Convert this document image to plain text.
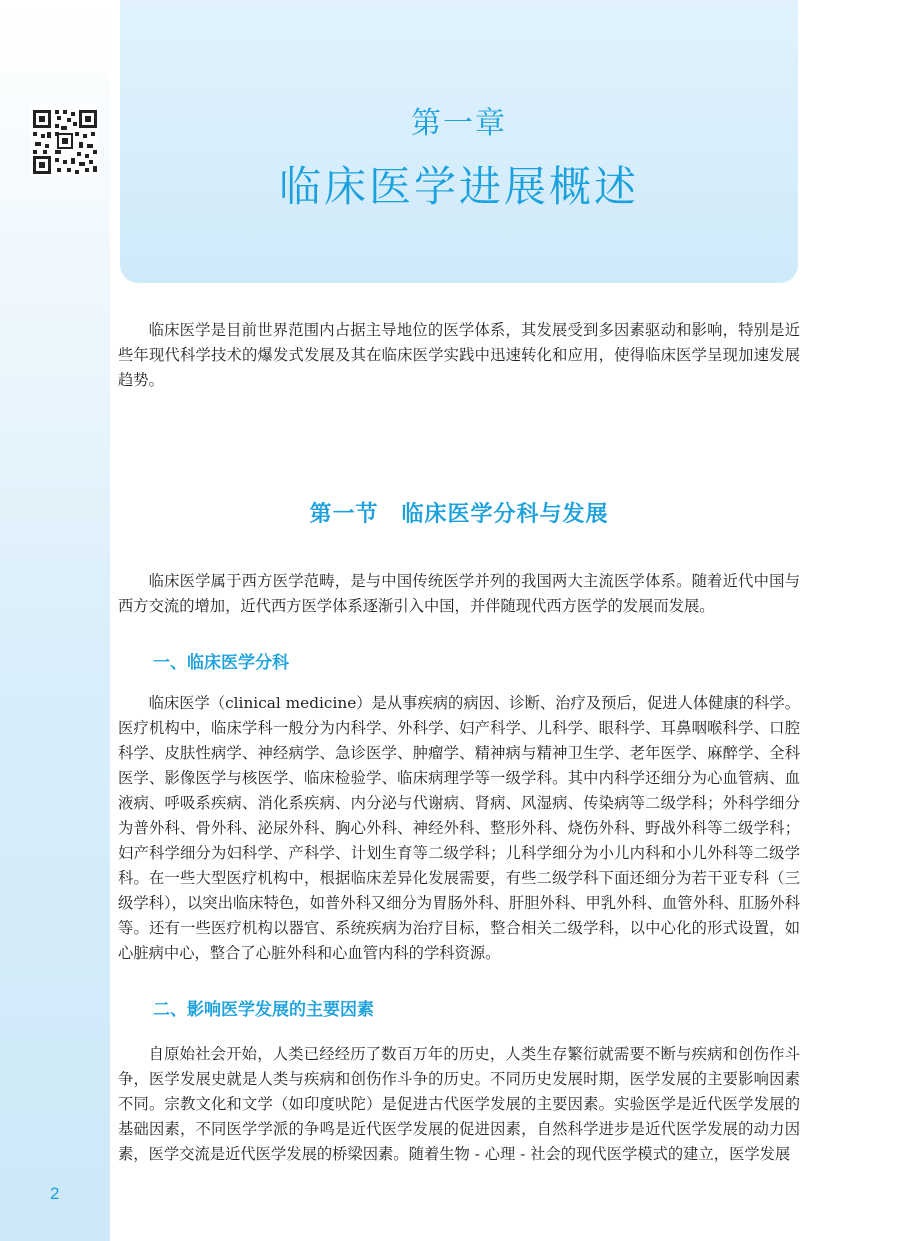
第一章
临床医学进展概述

临床医学是目前世界范围内占据主导地位的医学体系，其发展受到多因素驱动和影响，特别是近些年现代科学技术的爆发式发展及其在临床医学实践中迅速转化和应用，使得临床医学呈现加速发展趋势。

第一节　临床医学分科与发展

临床医学属于西方医学范畴，是与中国传统医学并列的我国两大主流医学体系。随着近代中国与西方交流的增加，近代西方医学体系逐渐引入中国，并伴随现代西方医学的发展而发展。

一、临床医学分科

临床医学（clinical medicine）是从事疾病的病因、诊断、治疗及预后，促进人体健康的科学。医疗机构中，临床学科一般分为内科学、外科学、妇产科学、儿科学、眼科学、耳鼻咽喉科学、口腔科学、皮肤性病学、神经病学、急诊医学、肿瘤学、精神病与精神卫生学、老年医学、麻醉学、全科医学、影像医学与核医学、临床检验学、临床病理学等一级学科。其中内科学还细分为心血管病、血液病、呼吸系疾病、消化系疾病、内分泌与代谢病、肾病、风湿病、传染病等二级学科；外科学细分为普外科、骨外科、泌尿外科、胸心外科、神经外科、整形外科、烧伤外科、野战外科等二级学科；妇产科学细分为妇科学、产科学、计划生育等二级学科；儿科学细分为小儿内科和小儿外科等二级学科。在一些大型医疗机构中，根据临床差异化发展需要，有些二级学科下面还细分为若干亚专科（三级学科），以突出临床特色，如普外科又细分为胃肠外科、肝胆外科、甲乳外科、血管外科、肛肠外科等。还有一些医疗机构以器官、系统疾病为治疗目标，整合相关二级学科，以中心化的形式设置，如心脏病中心，整合了心脏外科和心血管内科的学科资源。

二、影响医学发展的主要因素

自原始社会开始，人类已经经历了数百万年的历史，人类生存繁衍就需要不断与疾病和创伤作斗争，医学发展史就是人类与疾病和创伤作斗争的历史。不同历史发展时期，医学发展的主要影响因素不同。宗教文化和文学（如印度吠陀）是促进古代医学发展的主要因素。实验医学是近代医学发展的基础因素，不同医学学派的争鸣是近代医学发展的促进因素，自然科学进步是近代医学发展的动力因素，医学交流是近代医学发展的桥梁因素。随着生物 - 心理 - 社会的现代医学模式的建立，医学发展

2
